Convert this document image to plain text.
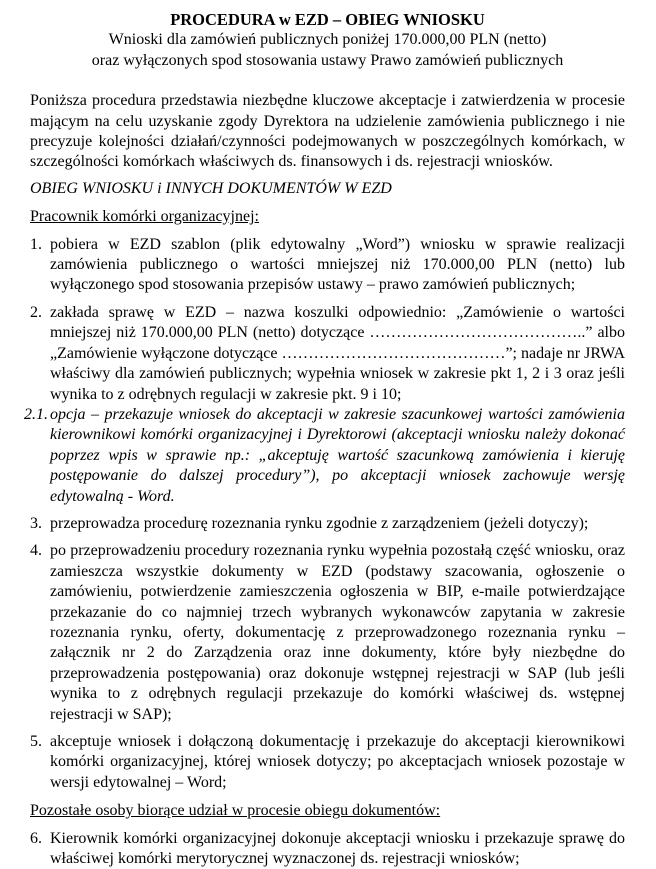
PROCEDURA w EZD – OBIEG WNIOSKU
Wnioski dla zamówień publicznych poniżej 170.000,00 PLN (netto)
oraz wyłączonych spod stosowania ustawy Prawo zamówień publicznych

Poniższa procedura przedstawia niezbędne kluczowe akceptacje i zatwierdzenia w procesie mającym na celu uzyskanie zgody Dyrektora na udzielenie zamówienia publicznego i nie precyzuje kolejności działań/czynności podejmowanych w poszczególnych komórkach, w szczególności komórkach właściwych ds. finansowych i ds. rejestracji wniosków.

OBIEG WNIOSKU i INNYCH DOKUMENTÓW W EZD
Pracownik komórki organizacyjnej:
1. pobiera w EZD szablon (plik edytowalny „Word”) wniosku w sprawie realizacji zamówienia publicznego o wartości mniejszej niż 170.000,00 PLN (netto) lub wyłączonego spod stosowania przepisów ustawy – prawo zamówień publicznych;
2. zakłada sprawę w EZD – nazwa koszulki odpowiednio: „Zamówienie o wartości mniejszej niż 170.000,00 PLN (netto) dotyczące …………………………………..” albo „Zamówienie wyłączone dotyczące ……………………………………”; nadaje nr JRWA właściwy dla zamówień publicznych; wypełnia wniosek w zakresie pkt 1, 2 i 3 oraz jeśli wynika to z odrębnych regulacji w zakresie pkt. 9 i 10;
2.1. opcja – przekazuje wniosek do akceptacji w zakresie szacunkowej wartości zamówienia kierownikowi komórki organizacyjnej i Dyrektorowi (akceptacji wniosku należy dokonać poprzez wpis w sprawie np.: „akceptuję wartość szacunkową zamówienia i kieruję postępowanie do dalszej procedury”), po akceptacji wniosek zachowuje wersję edytowalną - Word.
3. przeprowadza procedurę rozeznania rynku zgodnie z zarządzeniem (jeżeli dotyczy);
4. po przeprowadzeniu procedury rozeznania rynku wypełnia pozostałą część wniosku, oraz zamieszcza wszystkie dokumenty w EZD (podstawy szacowania, ogłoszenie o zamówieniu, potwierdzenie zamieszczenia ogłoszenia w BIP, e-maile potwierdzające przekazanie do co najmniej trzech wybranych wykonawców zapytania w zakresie rozeznania rynku, oferty, dokumentację z przeprowadzonego rozeznania rynku – załącznik nr 2 do Zarządzenia oraz inne dokumenty, które były niezbędne do przeprowadzenia postępowania) oraz dokonuje wstępnej rejestracji w SAP (lub jeśli wynika to z odrębnych regulacji przekazuje do komórki właściwej ds. wstępnej rejestracji w SAP);
5. akceptuje wniosek i dołączoną dokumentację i przekazuje do akceptacji kierownikowi komórki organizacyjnej, której wniosek dotyczy; po akceptacjach wniosek pozostaje w wersji edytowalnej – Word;
Pozostałe osoby biorące udział w procesie obiegu dokumentów:
6. Kierownik komórki organizacyjnej dokonuje akceptacji wniosku i przekazuje sprawę do właściwej komórki merytorycznej wyznaczonej ds. rejestracji wniosków;
